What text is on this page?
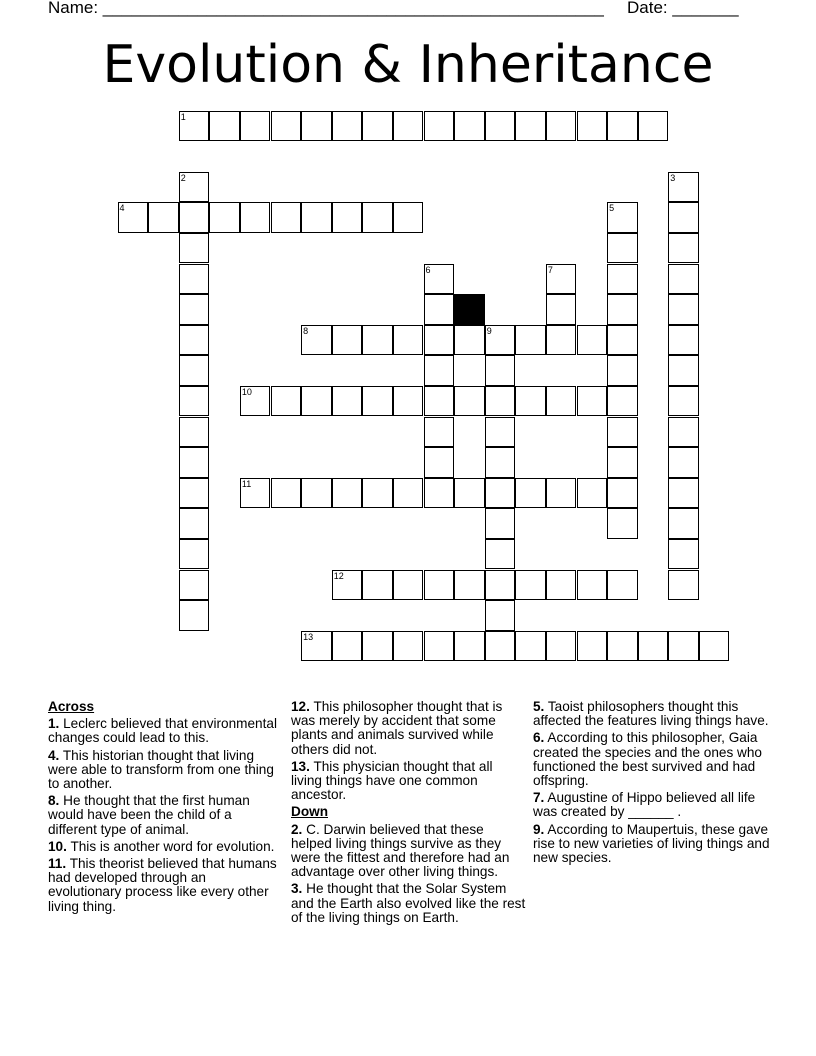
Name: _____________________________________________________ Date: _______
Evolution & Inheritance
1
2	3
4	5
6	7
8	9
10
11
12
13
Across
1. Leclerc believed that environmental changes could lead to this.
4. This historian thought that living were able to transform from one thing to another.
8. He thought that the first human would have been the child of a different type of animal.
10. This is another word for evolution.
11. This theorist believed that humans had developed through an evolutionary process like every other living thing.
12. This philosopher thought that is was merely by accident that some plants and animals survived while others did not.
13. This physician thought that all living things have one common ancestor.
Down
2. C. Darwin believed that these helped living things survive as they were the fittest and therefore had an advantage over other living things.
3. He thought that the Solar System and the Earth also evolved like the rest of the living things on Earth.
5. Taoist philosophers thought this affected the features living things have.
6. According to this philosopher, Gaia created the species and the ones who functioned the best survived and had offspring.
7. Augustine of Hippo believed all life was created by ______ .
9. According to Maupertuis, these gave rise to new varieties of living things and new species.
